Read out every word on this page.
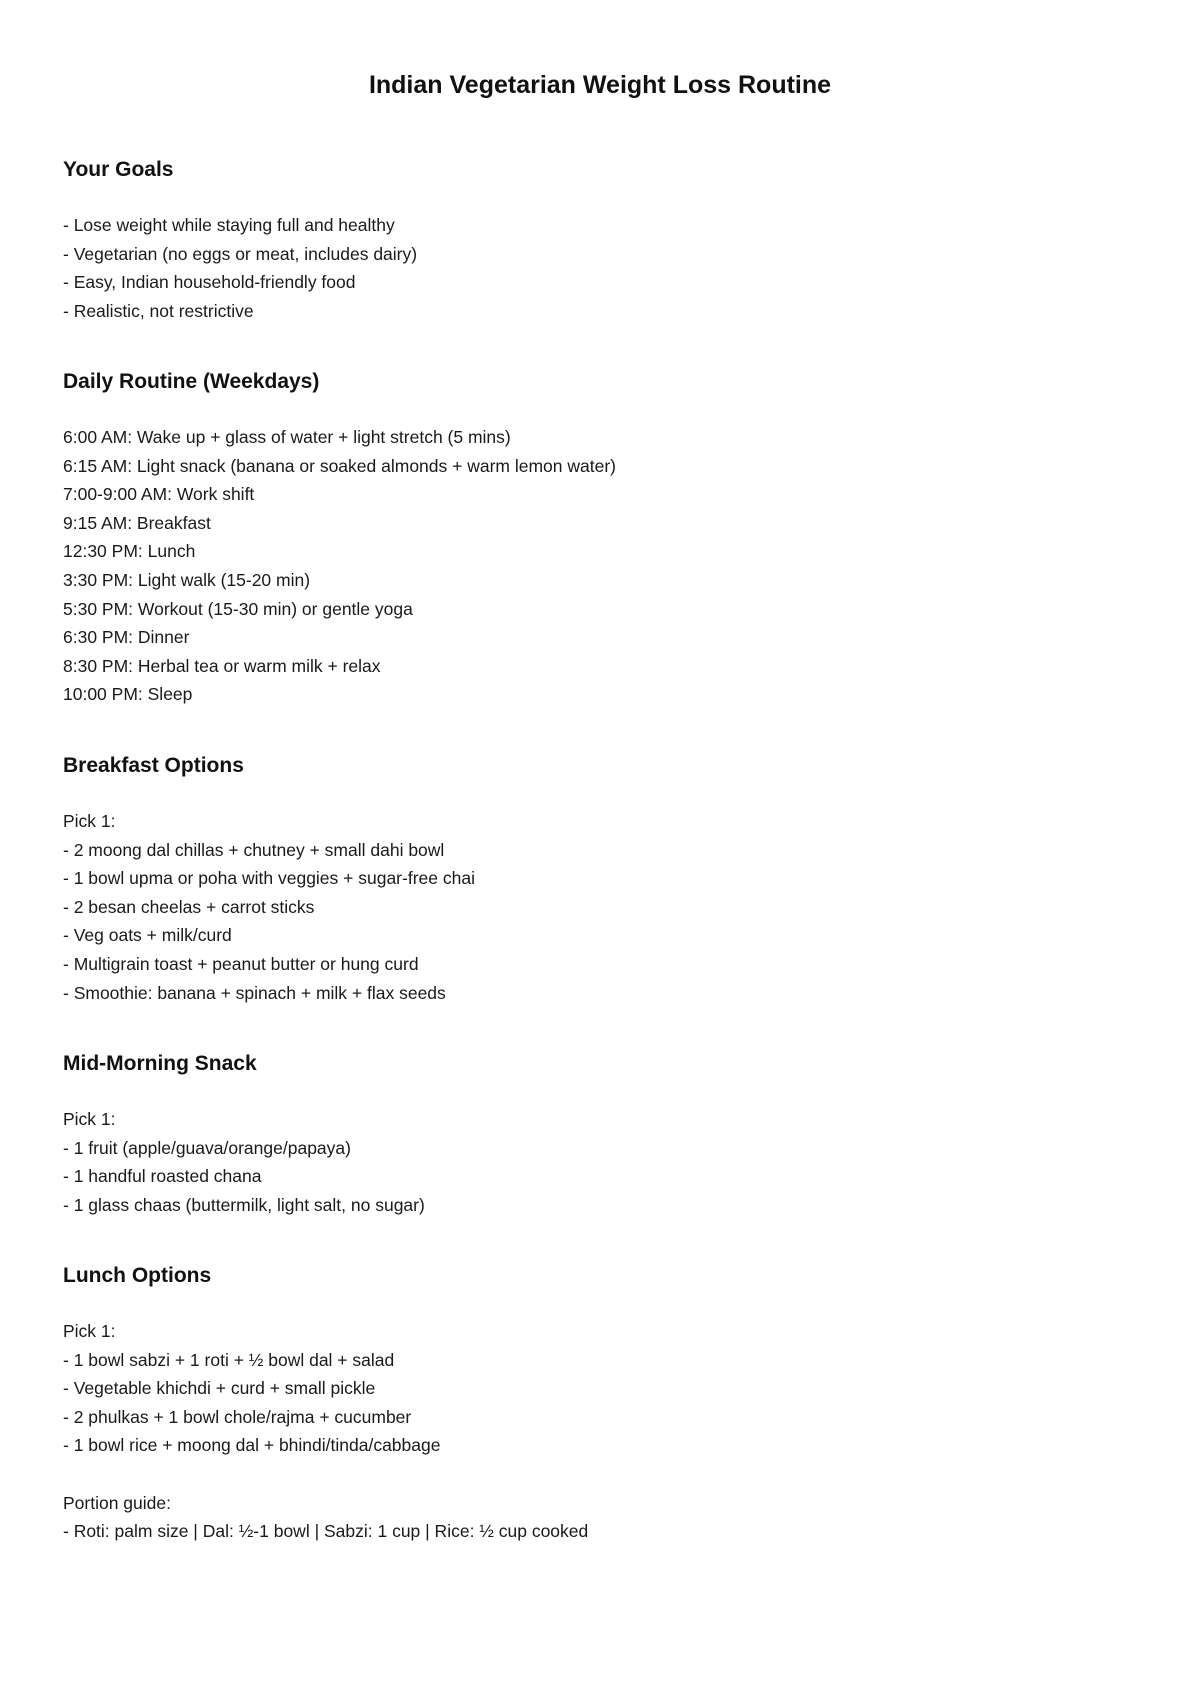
Indian Vegetarian Weight Loss Routine
Your Goals
- Lose weight while staying full and healthy
- Vegetarian (no eggs or meat, includes dairy)
- Easy, Indian household-friendly food
- Realistic, not restrictive
Daily Routine (Weekdays)
6:00 AM: Wake up + glass of water + light stretch (5 mins)
6:15 AM: Light snack (banana or soaked almonds + warm lemon water)
7:00-9:00 AM: Work shift
9:15 AM: Breakfast
12:30 PM: Lunch
3:30 PM: Light walk (15-20 min)
5:30 PM: Workout (15-30 min) or gentle yoga
6:30 PM: Dinner
8:30 PM: Herbal tea or warm milk + relax
10:00 PM: Sleep
Breakfast Options
Pick 1:
- 2 moong dal chillas + chutney + small dahi bowl
- 1 bowl upma or poha with veggies + sugar-free chai
- 2 besan cheelas + carrot sticks
- Veg oats + milk/curd
- Multigrain toast + peanut butter or hung curd
- Smoothie: banana + spinach + milk + flax seeds
Mid-Morning Snack
Pick 1:
- 1 fruit (apple/guava/orange/papaya)
- 1 handful roasted chana
- 1 glass chaas (buttermilk, light salt, no sugar)
Lunch Options
Pick 1:
- 1 bowl sabzi + 1 roti + ½ bowl dal + salad
- Vegetable khichdi + curd + small pickle
- 2 phulkas + 1 bowl chole/rajma + cucumber
- 1 bowl rice + moong dal + bhindi/tinda/cabbage
Portion guide:
- Roti: palm size | Dal: ½-1 bowl | Sabzi: 1 cup | Rice: ½ cup cooked
